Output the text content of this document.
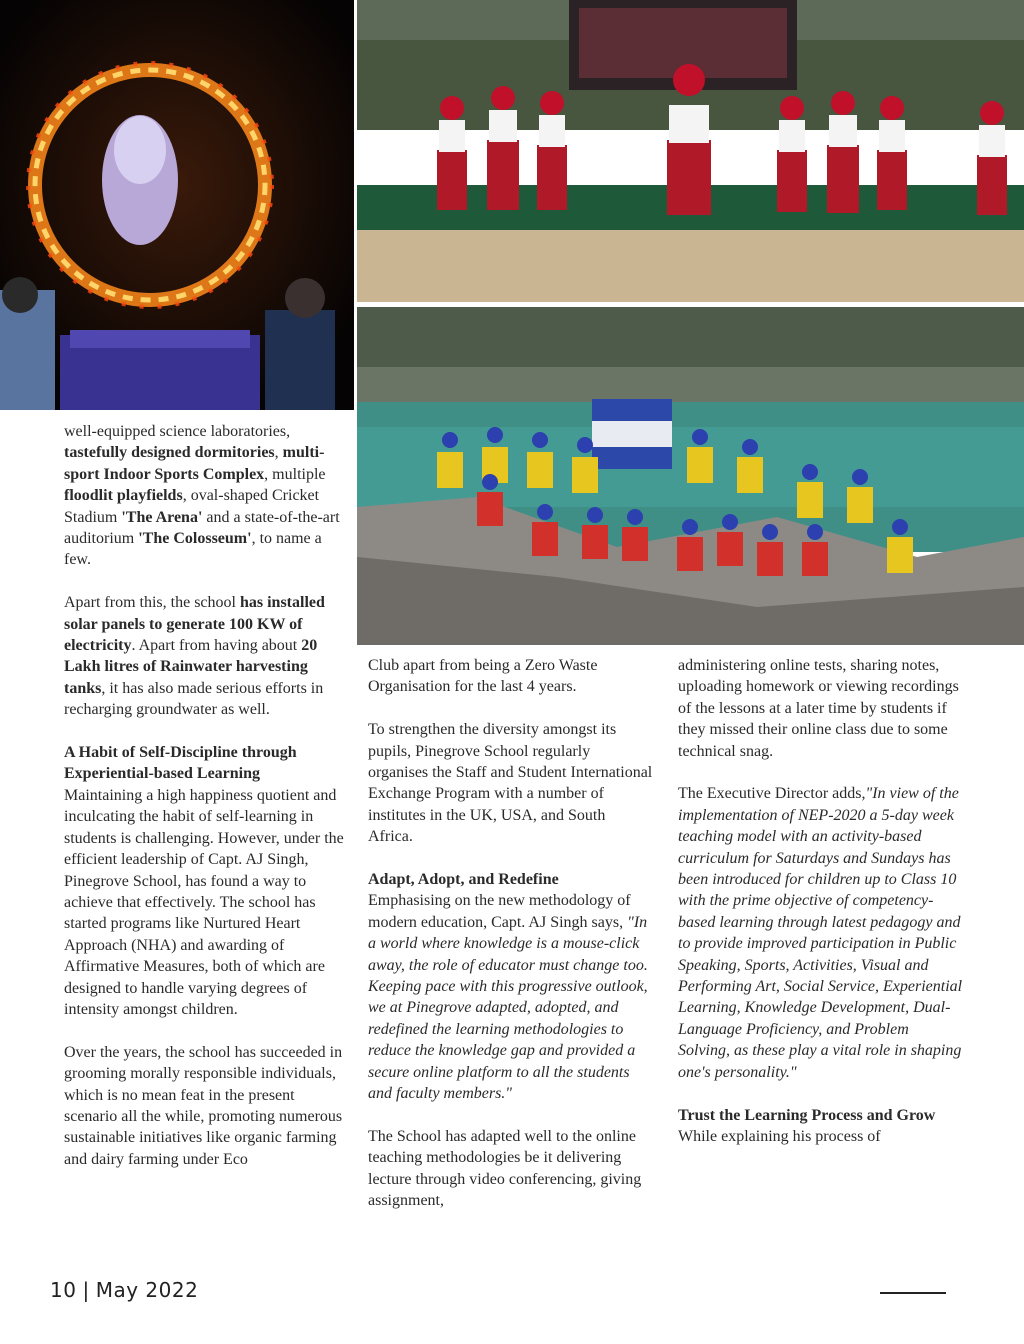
well-equipped science laboratories, tastefully designed dormitories, multi-sport Indoor Sports Complex, multiple floodlit playfields, oval-shaped Cricket Stadium 'The Arena' and a state-of-the-art auditorium 'The Colosseum', to name a few.

Apart from this, the school has installed solar panels to generate 100 KW of electricity. Apart from having about 20 Lakh litres of Rainwater harvesting tanks, it has also made serious efforts in recharging groundwater as well.

A Habit of Self-Discipline through Experiential-based Learning

Maintaining a high happiness quotient and inculcating the habit of self-learning in students is challenging. However, under the efficient leadership of Capt. AJ Singh, Pinegrove School, has found a way to achieve that effectively. The school has started programs like Nurtured Heart Approach (NHA) and awarding of Affirmative Measures, both of which are designed to handle varying degrees of intensity amongst children.

Over the years, the school has succeeded in grooming morally responsible individuals, which is no mean feat in the present scenario all the while, promoting numerous sustainable initiatives like organic farming and dairy farming under Eco

Club apart from being a Zero Waste Organisation for the last 4 years.

To strengthen the diversity amongst its pupils, Pinegrove School regularly organises the Staff and Student International Exchange Program with a number of institutes in the UK, USA, and South Africa.

Adapt, Adopt, and Redefine

Emphasising on the new methodology of modern education, Capt. AJ Singh says, "In a world where knowledge is a mouse-click away, the role of educator must change too. Keeping pace with this progressive outlook, we at Pinegrove adapted, adopted, and redefined the learning methodologies to reduce the knowledge gap and provided a secure online platform to all the students and faculty members."

The School has adapted well to the online teaching methodologies be it delivering lecture through video conferencing, giving assignment,

administering online tests, sharing notes, uploading homework or viewing recordings of the lessons at a later time by students if they missed their online class due to some technical snag.

The Executive Director adds,"In view of the implementation of NEP-2020 a 5-day week teaching model with an activity-based curriculum for Saturdays and Sundays has been introduced for children up to Class 10 with the prime objective of competency-based learning through latest pedagogy and to provide improved participation in Public Speaking, Sports, Activities, Visual and Performing Art, Social Service, Experiential Learning, Knowledge Development, Dual-Language Proficiency, and Problem Solving, as these play a vital role in shaping one's personality."

Trust the Learning Process and Grow

While explaining his process of

10 | May 2022
